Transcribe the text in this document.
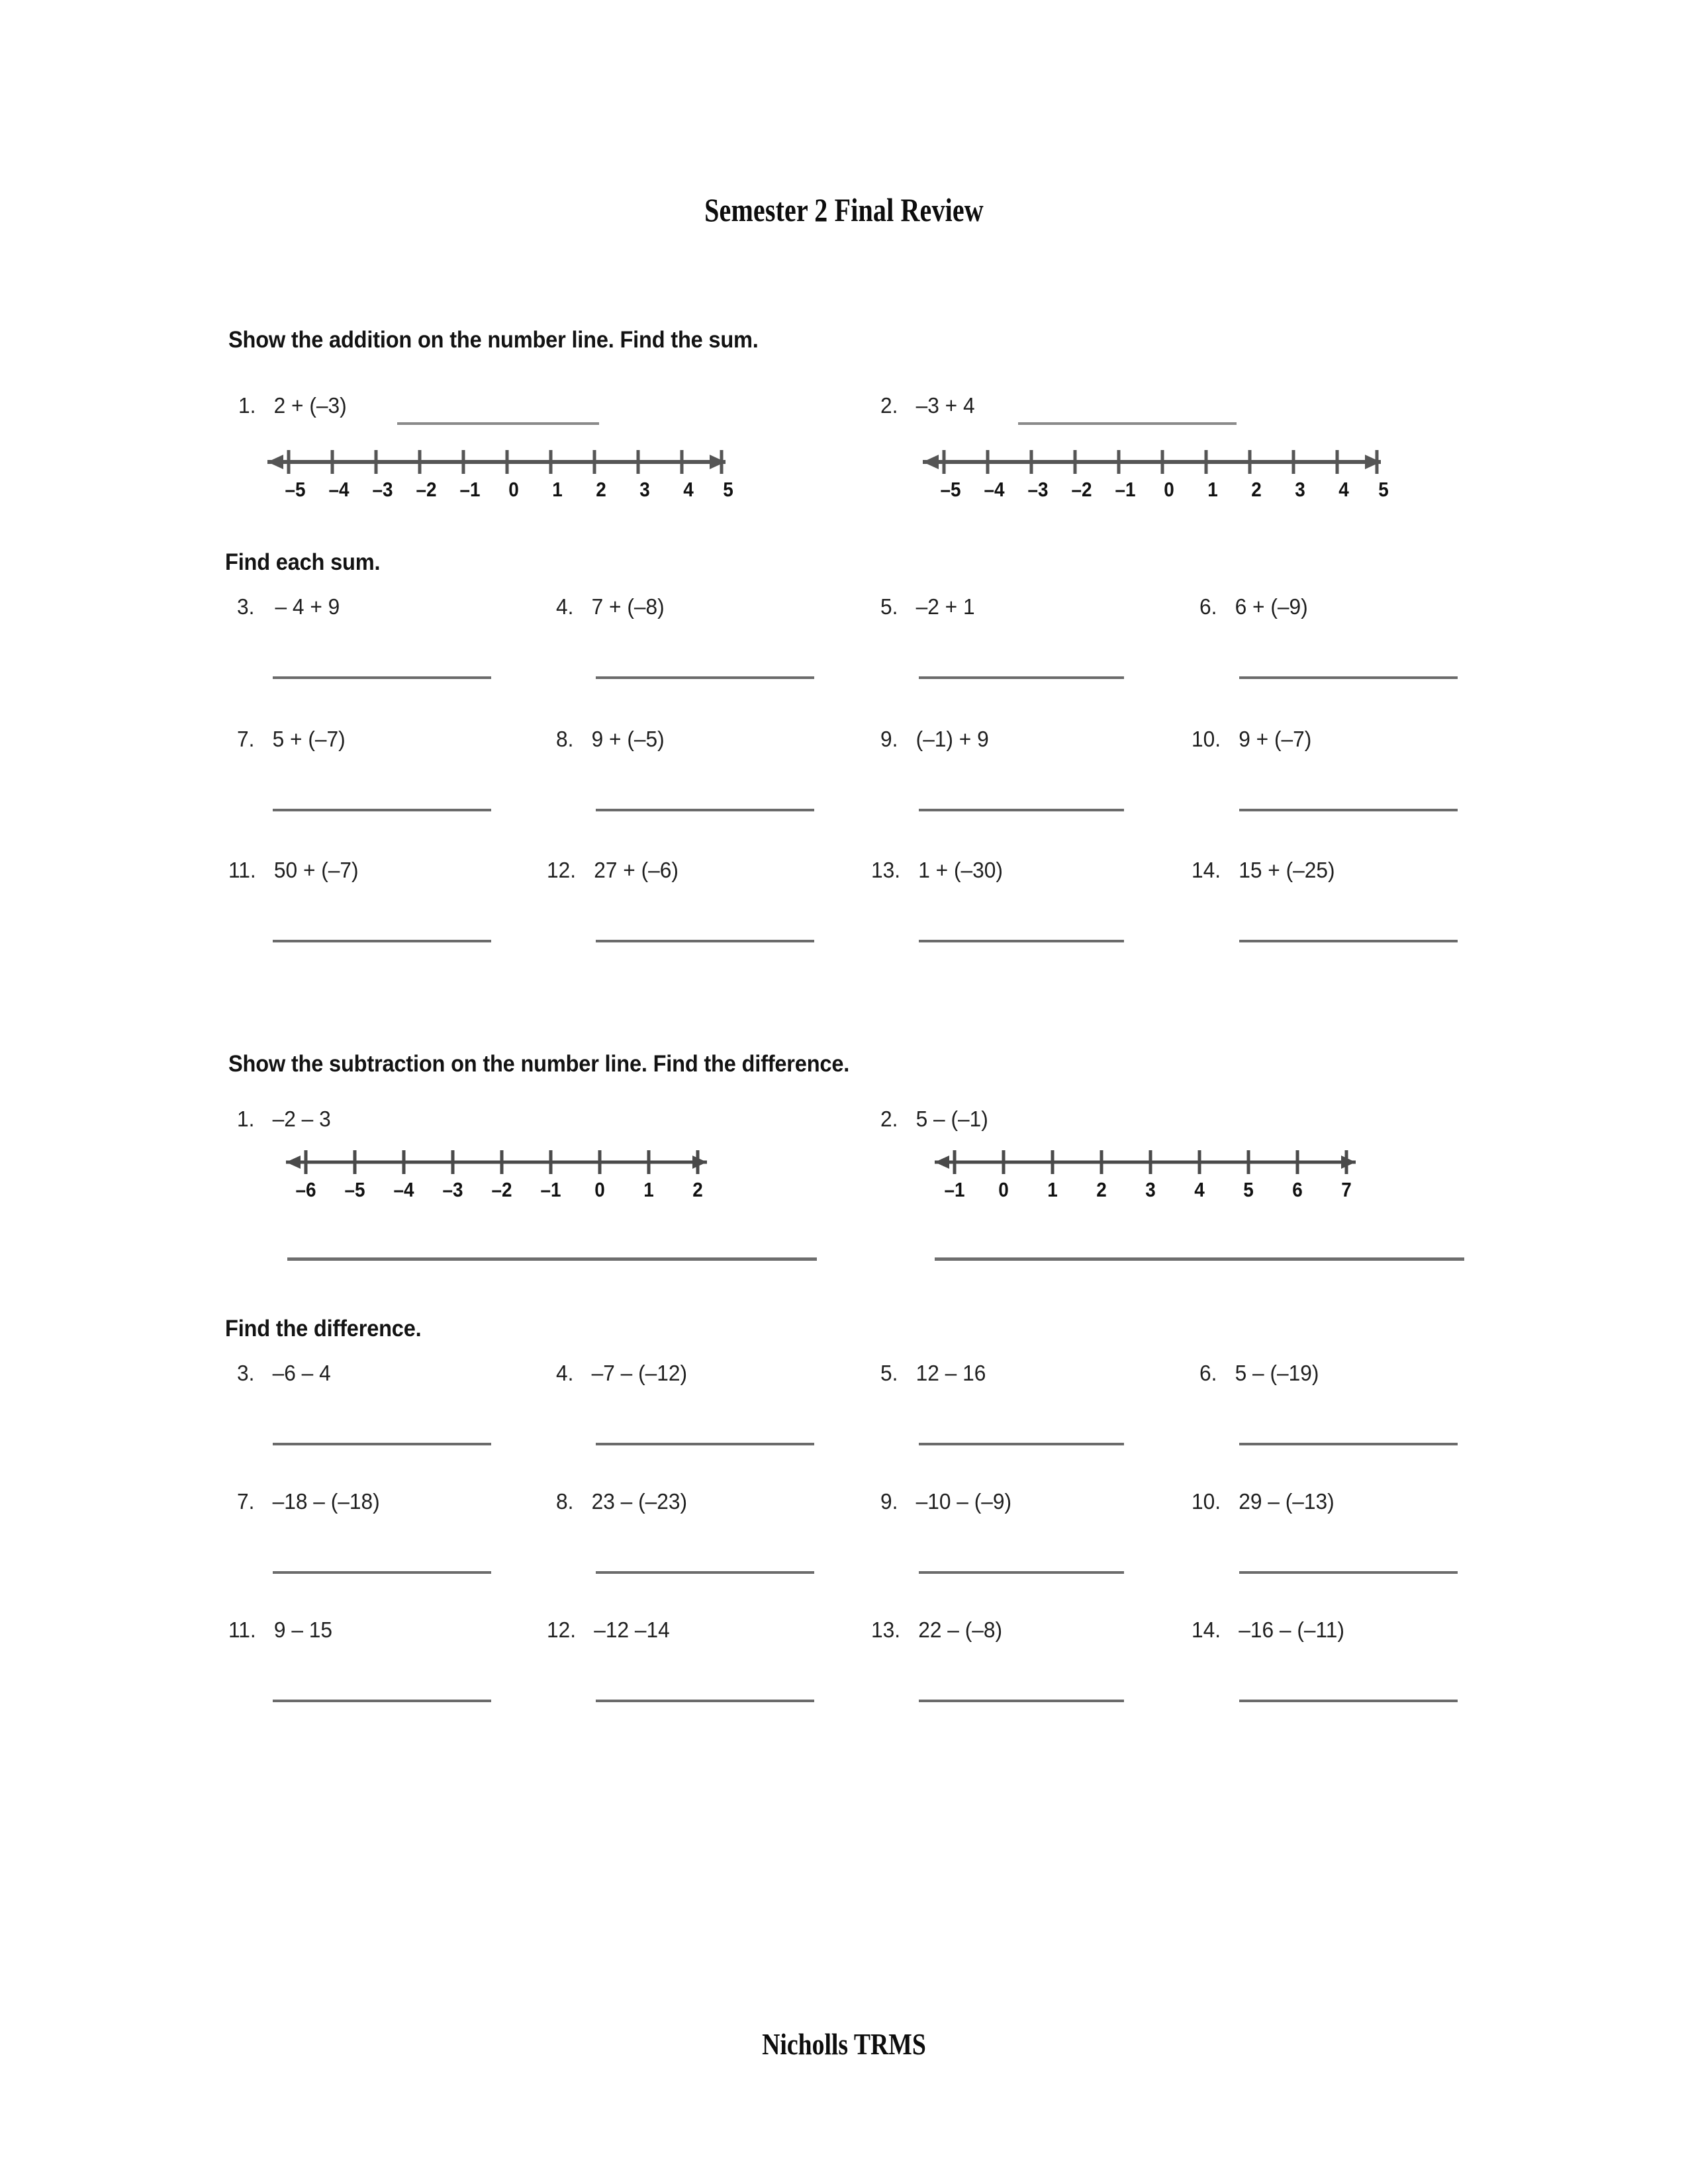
Semester 2 Final Review
Show the addition on the number line. Find the sum.
1. 2 + (–3)
–5	–4	–3	–2	–1	0	1	2	3	4	5
2. –3 + 4
–5	–4	–3	–2	–1	0	1	2	3	4	5
Find each sum.
3. – 4 + 9	4. 7 + (–8)	5. –2 + 1	6. 6 + (–9)
7. 5 + (–7)	8. 9 + (–5)	9. (–1) + 9	10. 9 + (–7)
11. 50 + (–7)	12. 27 + (–6)	13. 1 + (–30)	14. 15 + (–25)
Show the subtraction on the number line. Find the difference.
1. –2 – 3
–6	–5	–4	–3	–2	–1	0	1	2
2. 5 – (–1)
–1	0	1	2	3	4	5	6	7
Find the difference.
3. –6 – 4	4. –7 – (–12)	5. 12 – 16	6. 5 – (–19)
7. –18 – (–18)	8. 23 – (–23)	9. –10 – (–9)	10. 29 – (–13)
11. 9 – 15	12. –12 –14	13. 22 – (–8)	14. –16 – (–11)
Nicholls TRMS
